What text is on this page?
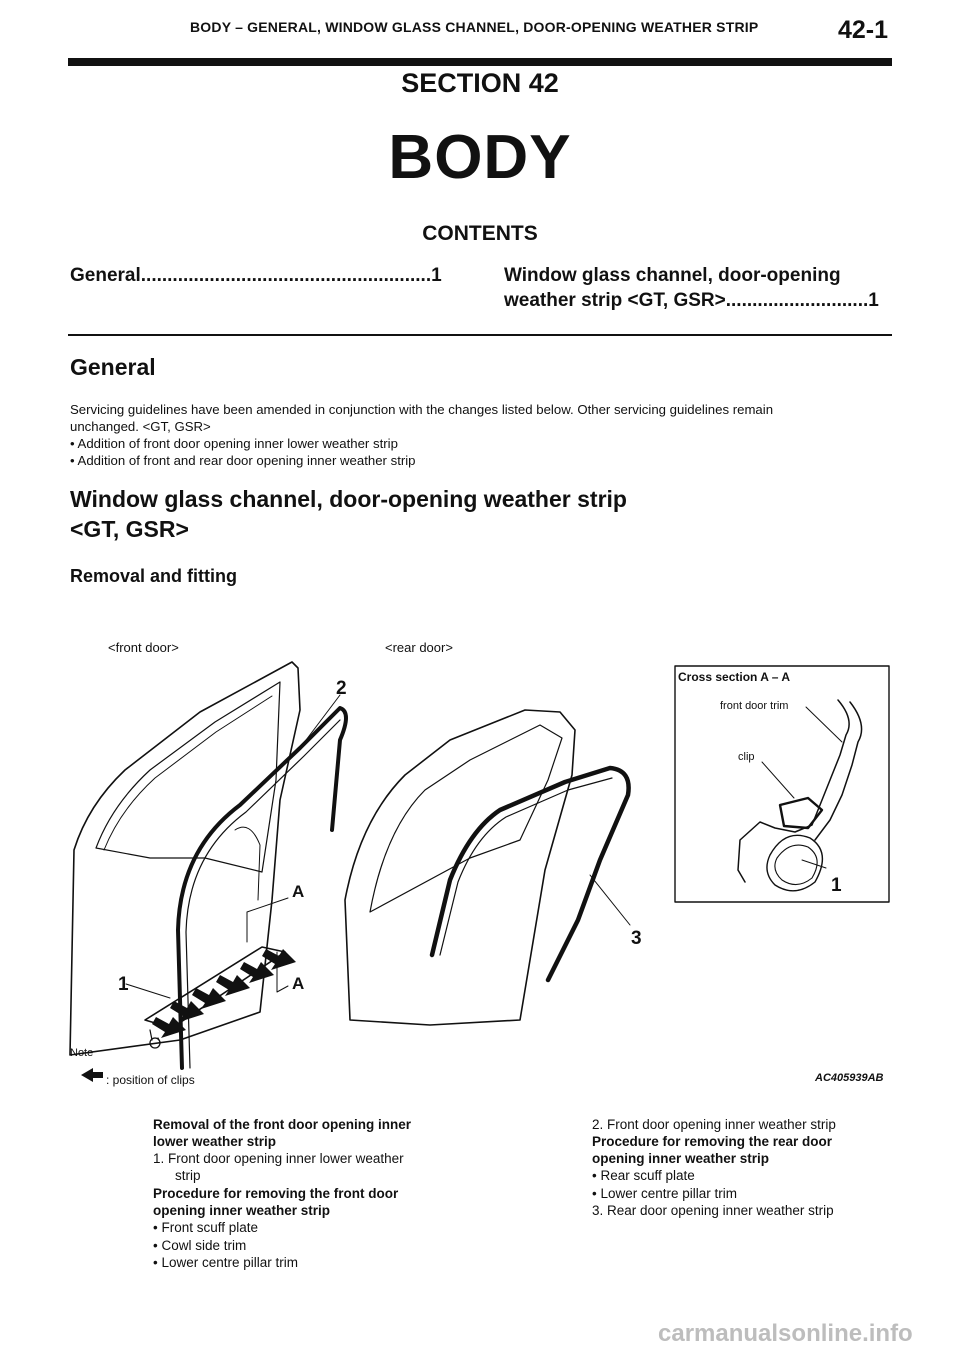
BODY – GENERAL, WINDOW GLASS CHANNEL, DOOR-OPENING WEATHER STRIP	42-1
SECTION 42
BODY
CONTENTS
General.......................................................1	Window glass channel, door-opening
weather strip <GT, GSR>...........................1
General
Servicing guidelines have been amended in conjunction with the changes listed below. Other servicing guidelines remain
unchanged. <GT, GSR>
• Addition of front door opening inner lower weather strip
• Addition of front and rear door opening inner weather strip
Window glass channel, door-opening weather strip
<GT, GSR>
Removal and fitting
<front door>	<rear door>
Cross section A – A
front door trim
clip
2
3
1
1
A
A
Note
: position of clips	AC405939AB
Removal of the front door opening inner
lower weather strip
1. Front door opening inner lower weather
strip
Procedure for removing the front door
opening inner weather strip
• Front scuff plate
• Cowl side trim
• Lower centre pillar trim
2. Front door opening inner weather strip
Procedure for removing the rear door
opening inner weather strip
• Rear scuff plate
• Lower centre pillar trim
3. Rear door opening inner weather strip
carmanualsonline.info
